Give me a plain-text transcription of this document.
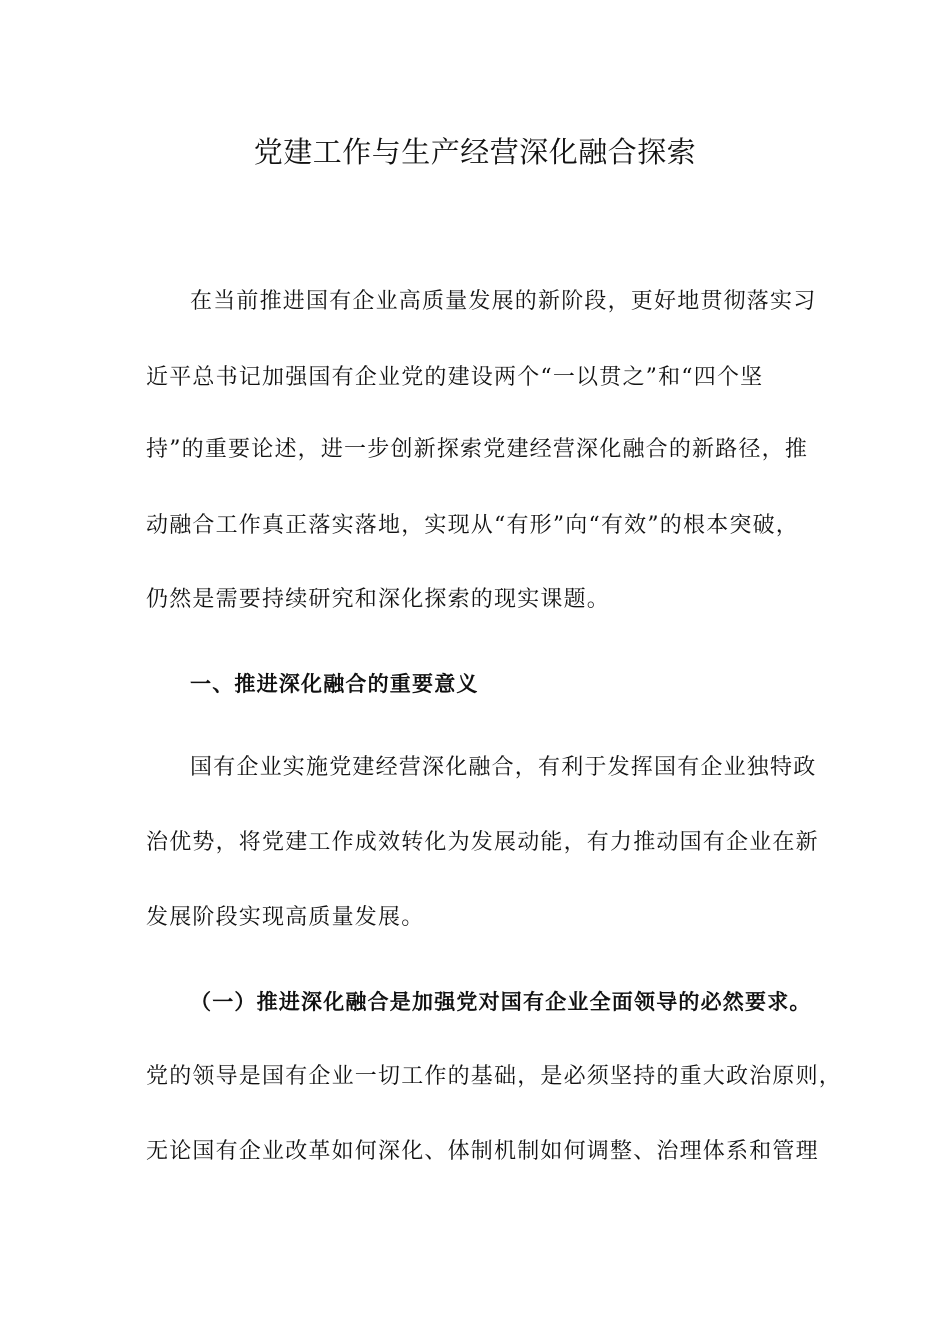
党建工作与生产经营深化融合探索
在当前推进国有企业高质量发展的新阶段，更好地贯彻落实习
近平总书记加强国有企业党的建设两个“一以贯之”和“四个坚
持”的重要论述，进一步创新探索党建经营深化融合的新路径，推
动融合工作真正落实落地，实现从“有形”向“有效”的根本突破，
仍然是需要持续研究和深化探索的现实课题。
一、推进深化融合的重要意义
国有企业实施党建经营深化融合，有利于发挥国有企业独特政
治优势，将党建工作成效转化为发展动能，有力推动国有企业在新
发展阶段实现高质量发展。
（一）推进深化融合是加强党对国有企业全面领导的必然要求。
党的领导是国有企业一切工作的基础，是必须坚持的重大政治原则，
无论国有企业改革如何深化、体制机制如何调整、治理体系和管理
